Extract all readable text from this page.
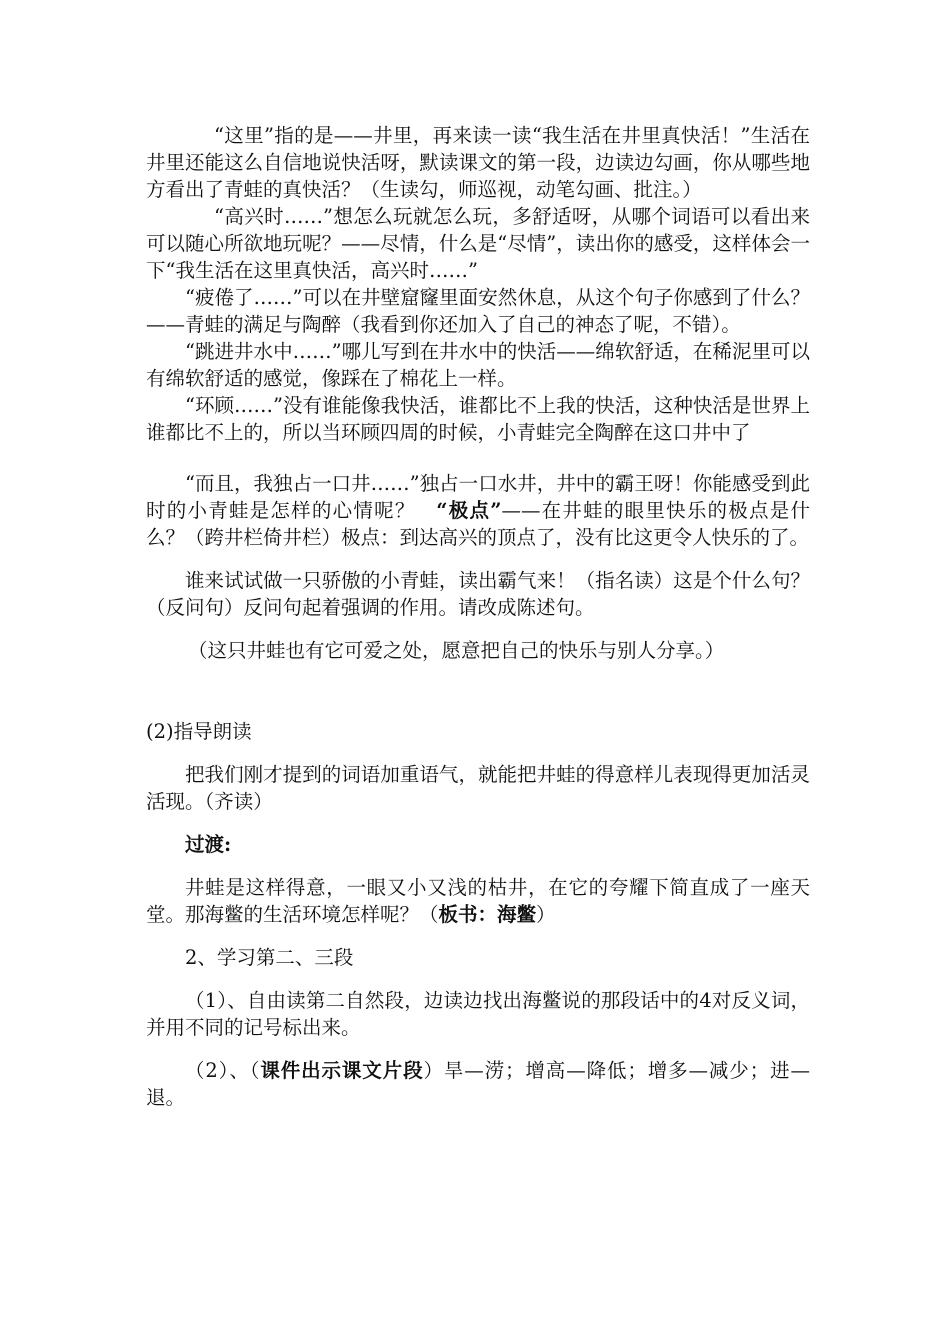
“这里”指的是——井里，再来读一读“我生活在井里真快活！”生活在井里还能这么自信地说快活呀，默读课文的第一段，边读边勾画，你从哪些地方看出了青蛙的真快活？（生读勾，师巡视，动笔勾画、批注。）

“高兴时……”想怎么玩就怎么玩，多舒适呀，从哪个词语可以看出来可以随心所欲地玩呢？——尽情，什么是“尽情”，读出你的感受，这样体会一下“我生活在这里真快活，高兴时……”

“疲倦了……”可以在井壁窟窿里面安然休息，从这个句子你感到了什么？——青蛙的满足与陶醉（我看到你还加入了自己的神态了呢，不错）。

“跳进井水中……”哪儿写到在井水中的快活——绵软舒适，在稀泥里可以有绵软舒适的感觉，像踩在了棉花上一样。

“环顾……”没有谁能像我快活，谁都比不上我的快活，这种快活是世界上谁都比不上的，所以当环顾四周的时候，小青蛙完全陶醉在这口井中了

“而且，我独占一口井……”独占一口水井，井中的霸王呀！你能感受到此时的小青蛙是怎样的心情呢？　“极点”——在井蛙的眼里快乐的极点是什么？（跨井栏倚井栏）极点：到达高兴的顶点了，没有比这更令人快乐的了。

谁来试试做一只骄傲的小青蛙，读出霸气来！（指名读）这是个什么句？（反问句）反问句起着强调的作用。请改成陈述句。

（这只井蛙也有它可爱之处，愿意把自己的快乐与别人分享。）

(2)指导朗读

把我们刚才提到的词语加重语气，就能把井蛙的得意样儿表现得更加活灵活现。（齐读）

过渡:

井蛙是这样得意，一眼又小又浅的枯井，在它的夸耀下简直成了一座天堂。那海鳖的生活环境怎样呢？（板书：海鳖）

2、学习第二、三段

（1）、自由读第二自然段，边读边找出海鳖说的那段话中的4对反义词，并用不同的记号标出来。

（2）、（课件出示课文片段）旱—涝；增高—降低；增多—减少；进—退。
